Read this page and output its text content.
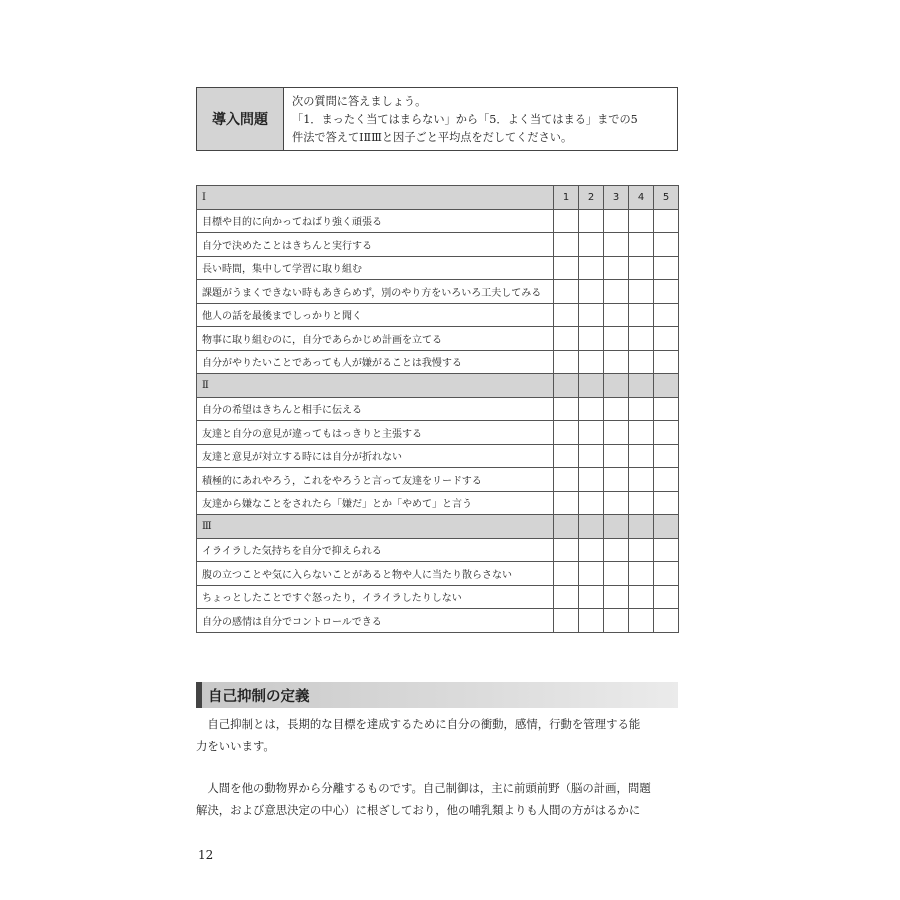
導入問題
次の質問に答えましょう。
「1．まったく当てはまらない」から「5．よく当てはまる」までの5
件法で答えてⅠⅡⅢと因子ごと平均点をだしてください。
Ⅰ	1	2	3	4	5
目標や目的に向かってねばり強く頑張る					
自分で決めたことはきちんと実行する					
長い時間，集中して学習に取り組む					
課題がうまくできない時もあきらめず，別のやり方をいろいろ工夫してみる					
他人の話を最後までしっかりと聞く					
物事に取り組むのに，自分であらかじめ計画を立てる					
自分がやりたいことであっても人が嫌がることは我慢する					
Ⅱ					
自分の希望はきちんと相手に伝える					
友達と自分の意見が違ってもはっきりと主張する					
友達と意見が対立する時には自分が折れない					
積極的にあれやろう，これをやろうと言って友達をリードする					
友達から嫌なことをされたら「嫌だ」とか「やめて」と言う					
Ⅲ					
イライラした気持ちを自分で抑えられる					
腹の立つことや気に入らないことがあると物や人に当たり散らさない					
ちょっとしたことですぐ怒ったり，イライラしたりしない					
自分の感情は自分でコントロールできる					
自己抑制の定義
　自己抑制とは，長期的な目標を達成するために自分の衝動，感情，行動を管理する能
力をいいます。
　人間を他の動物界から分離するものです。自己制御は，主に前頭前野（脳の計画，問題
解決，および意思決定の中心）に根ざしており，他の哺乳類よりも人間の方がはるかに
12
